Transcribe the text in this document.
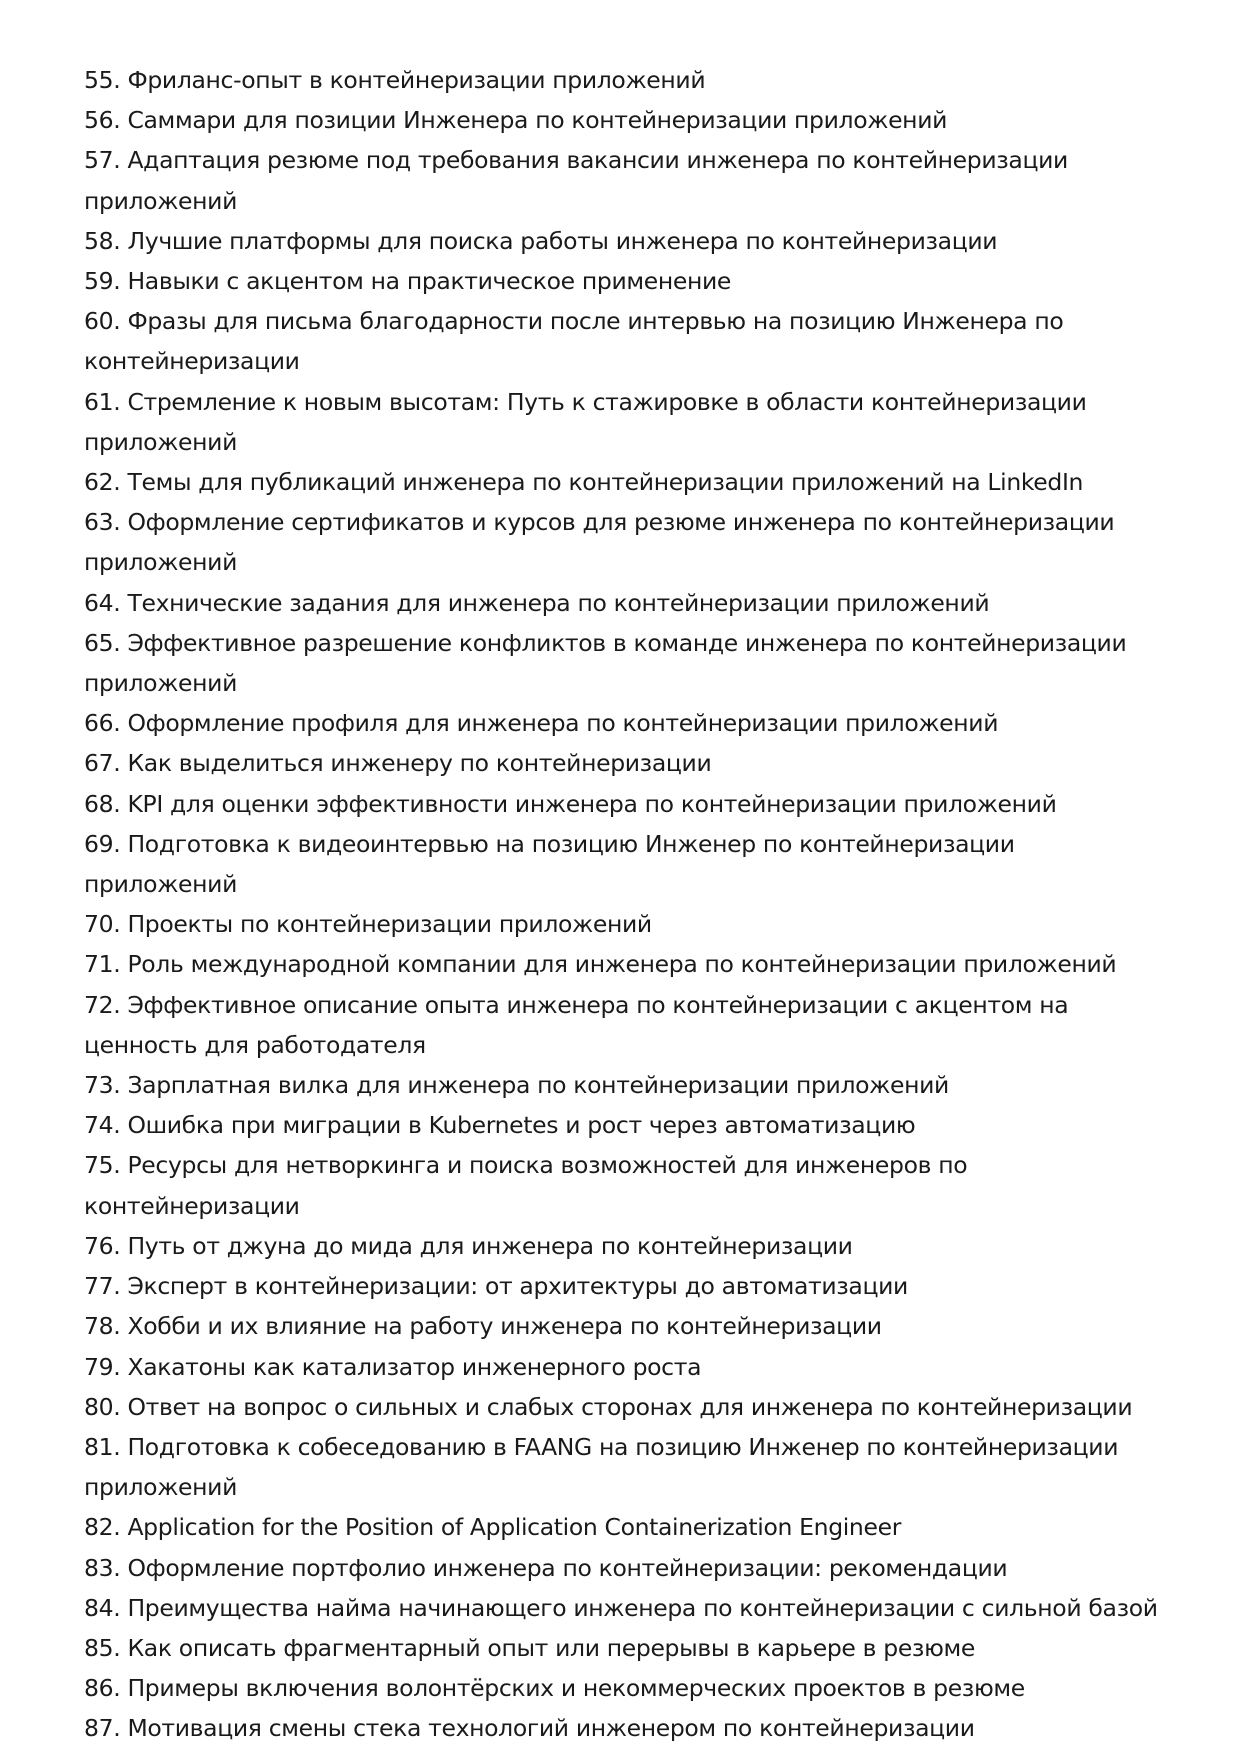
55. Фриланс-опыт в контейнеризации приложений
56. Саммари для позиции Инженера по контейнеризации приложений
57. Адаптация резюме под требования вакансии инженера по контейнеризации приложений
58. Лучшие платформы для поиска работы инженера по контейнеризации
59. Навыки с акцентом на практическое применение
60. Фразы для письма благодарности после интервью на позицию Инженера по контейнеризации
61. Стремление к новым высотам: Путь к стажировке в области контейнеризации приложений
62. Темы для публикаций инженера по контейнеризации приложений на LinkedIn
63. Оформление сертификатов и курсов для резюме инженера по контейнеризации приложений
64. Технические задания для инженера по контейнеризации приложений
65. Эффективное разрешение конфликтов в команде инженера по контейнеризации приложений
66. Оформление профиля для инженера по контейнеризации приложений
67. Как выделиться инженеру по контейнеризации
68. KPI для оценки эффективности инженера по контейнеризации приложений
69. Подготовка к видеоинтервью на позицию Инженер по контейнеризации приложений
70. Проекты по контейнеризации приложений
71. Роль международной компании для инженера по контейнеризации приложений
72. Эффективное описание опыта инженера по контейнеризации с акцентом на ценность для работодателя
73. Зарплатная вилка для инженера по контейнеризации приложений
74. Ошибка при миграции в Kubernetes и рост через автоматизацию
75. Ресурсы для нетворкинга и поиска возможностей для инженеров по контейнеризации
76. Путь от джуна до мида для инженера по контейнеризации
77. Эксперт в контейнеризации: от архитектуры до автоматизации
78. Хобби и их влияние на работу инженера по контейнеризации
79. Хакатоны как катализатор инженерного роста
80. Ответ на вопрос о сильных и слабых сторонах для инженера по контейнеризации
81. Подготовка к собеседованию в FAANG на позицию Инженер по контейнеризации приложений
82. Application for the Position of Application Containerization Engineer
83. Оформление портфолио инженера по контейнеризации: рекомендации
84. Преимущества найма начинающего инженера по контейнеризации с сильной базой
85. Как описать фрагментарный опыт или перерывы в карьере в резюме
86. Примеры включения волонтёрских и некоммерческих проектов в резюме
87. Мотивация смены стека технологий инженером по контейнеризации
